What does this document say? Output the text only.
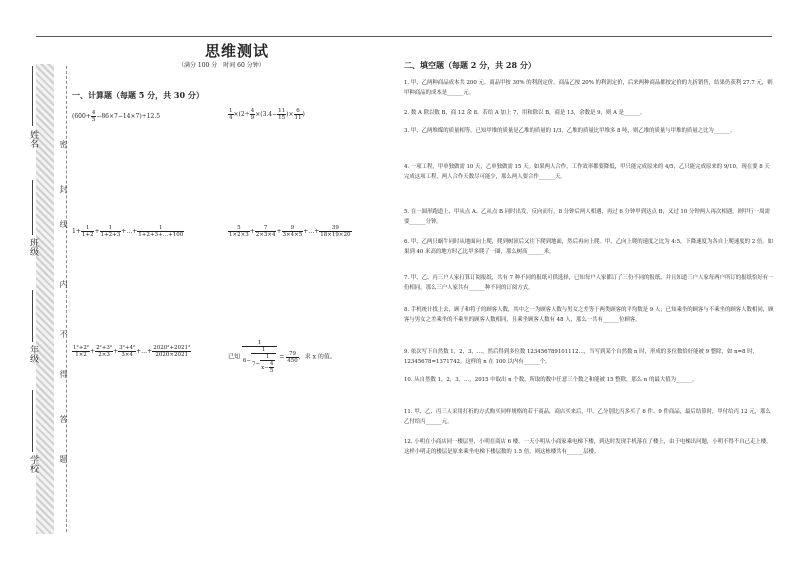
姓名
班级
年级
学校
密
封
线
内
不
得
答
题
思维测试
（满分 100 分　时间 60 分钟）
一、计算题（每题 5 分，共 30 分）
$(600+ \frac{4}{5} -86\times 7-14\times 7)\div 12.5$	$\frac{1}{4} \times(2\div \frac{4}{9} \times(3.4- \frac{11}{15}$ )× $\frac{6}{11}$ )
$1+ \frac{1}{1+2} + \frac{1}{1+2+3}$ +…+ $\frac{1}{1+2+3+\dots+100}$	$\frac{5}{1\times 2\times 3} + \frac{7}{2\times 3\times 4} + \frac{9}{3\times 4\times 5}$ +…+ $\frac{39}{18\times 19\times 20}$
$\frac{\text{1²+2²}}{1\times 2} + \frac{\text{2²+3²}}{2\times 3} + \frac{\text{3²+4²}}{3\times 4}$ +…+ $\frac{\text{2020²+2021²}}{2020\times 2021}$	已知 $\frac{1}{6- \frac{1}{7- \frac{1}{x- \frac{4}{5}}}} = \frac{79}{450}$ ，求 x 的值。
二、填空题（每题 2 分，共 28 分）
1. 甲、乙两种商品成本共 200 元。商品甲按 30% 的利润定价，商品乙按 20% 的利润定价，后来两种商品都按定价的九折销售，结果仍获利 27.7 元，则甲种商品的成本是______元。
2. 数 A 除以数 B，商 12 余 8。若给 A 加上 7，用和除以 B，商是 13，余数是 9，则 A 是______。
3. 甲、乙两堆煤的质量相等，已知甲堆的质量是乙堆的质量的 1/3，乙堆的质量比甲堆多 8 吨，则乙堆的质量与甲堆的质量之比为______。
4. 一项工程，甲单独做需 10 天，乙单独做需 15 天。如果两人合作，工作效率都要降低，甲只能完成原来的 4/5，乙只能完成原来的 9/10。现在要 8 天完成这项工程，两人合作天数尽可能少，那么两人要合作______天。
5. 在一圆形跑道上，甲从点 A、乙从点 B 同时出发，反向而行，8 分钟后两人相遇，再过 6 分钟甲到达点 B，又过 10 分钟两人再次相遇，则甲行一周需要______分钟。
6. 甲、乙两只蜗牛同时从地面向上爬，爬到树顶后又往下爬到地面，然后再向上爬。甲、乙向上爬的速度之比为 4:5，下降速度为各自上爬速度的 2 倍。如果到 40 米高的地方时乙比甲多爬了一圈，那么树高______米。
7. 甲、乙、丙三户人家打算订阅报纸，共有 7 种不同的报纸可供选择，已知每户人家都订了三份不同的报纸，并且知道三户人家每两户所订的报纸恰好有一份相同，那么三户人家共有______种不同的订阅方式。
8. 手机统计找上去，顾子和将子的顾客人数，其中之一为顾客人数与男女之差等于两类顾客的平均数是 9 人；已知乘坐的顾客与不乘坐的顾客人数相同，顾客与男女之差乘坐的不乘坐的顾客人数相同，且乘坐顾客人数有 48 人，那么一共有______位顾客。
9. 依次写下自然数 1，2，3，…，然后得到多位数 123456789101112…，当写到某个自然数 n 时，形成的多位数恰好能被 9 整除，如 n=8 时，12345678=1371742。这样的 n 在 100 以内有______个。
10. 从自然数 1，2，3，…，2015 中取出 n 个数，所取的数中任意三个数之和能被 15 整除，那么 n 的最大值为______。
11. 甲、乙、丙三人采用打折的方式购买同样规格的若干商品，商店买来后，甲、乙分别比丙多买了 6 件、9 件商品，最后结算时，甲付给丙 12 元，那么乙付给丙______元。
12. 小明在小商店同一楼层里，小明在商店 6 楼，一天小明从小商家乘电梯下楼，到达时发现手机落在了楼上，由于电梯出问题，小明不得不自己走上楼，这样小明走的楼层是原来乘坐电梯下楼层数的 1.5 倍，则这栋楼共有______层楼。
